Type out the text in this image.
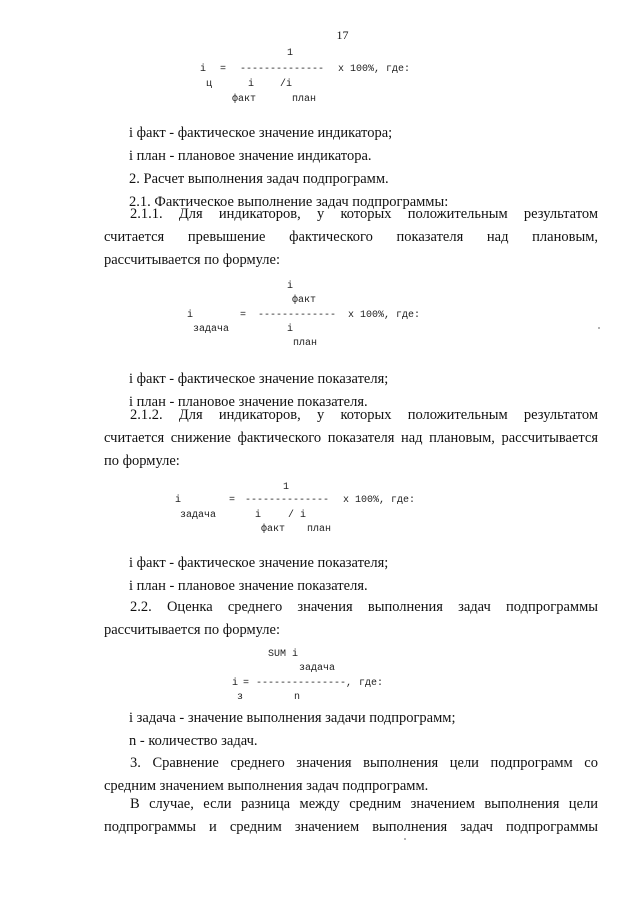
17
1
i = -------------- x 100%, где:
ц	i	/i
факт	план
i факт - фактическое значение индикатора;
i план - плановое значение индикатора.
2. Расчет выполнения задач подпрограмм.
2.1. Фактическое выполнение задач подпрограммы:
2.1.1. Для индикаторов, у которых положительным результатом
считается превышение фактического показателя над плановым,
рассчитывается по формуле:
i
факт
i	= ------------- x 100%, где:
задача	i
план
i факт - фактическое значение показателя;
i план - плановое значение показателя.
2.1.2. Для индикаторов, у которых положительным результатом
считается снижение фактического показателя над плановым, рассчитывается
по формуле:
1
i	= -------------- x 100%, где:
задача	i	/ i
факт план
i факт - фактическое значение показателя;
i план - плановое значение показателя.
2.2. Оценка среднего значения выполнения задач подпрограммы
рассчитывается по формуле:
SUM i
задача
i = ---------------, где:
з	n
i задача - значение выполнения задачи подпрограмм;
n - количество задач.
3. Сравнение среднего значения выполнения цели подпрограмм со
средним значением выполнения задач подпрограмм.
В случае, если разница между средним значением выполнения цели
подпрограммы и средним значением выполнения задач подпрограммы
